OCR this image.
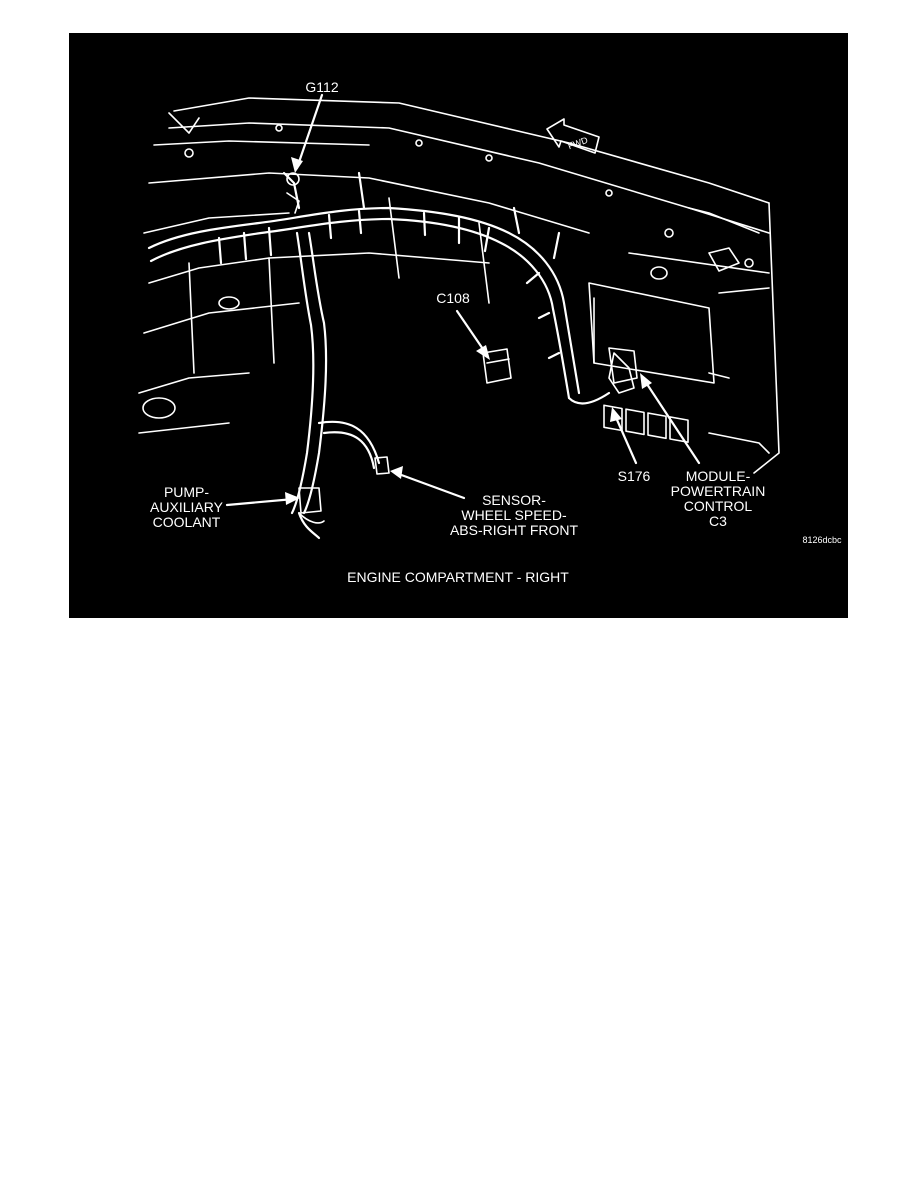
G112
FWD
C108
S176	MODULE-
POWERTRAIN
CONTROL
C3
PUMP-
AUXILIARY
COOLANT
SENSOR-
WHEEL SPEED-
ABS-RIGHT FRONT
8126dcbc
ENGINE COMPARTMENT - RIGHT
